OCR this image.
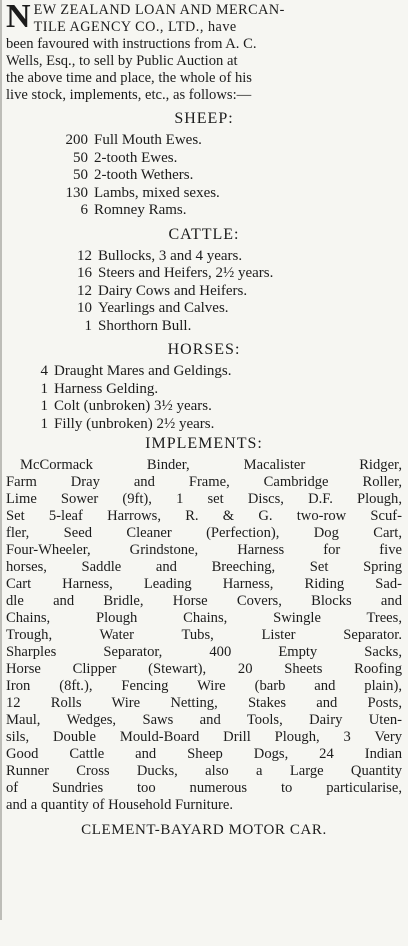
N EW ZEALAND LOAN AND MERCAN-
TILE AGENCY CO., LTD., have
been favoured with instructions from A. C.
Wells, Esq., to sell by Public Auction at
the above time and place, the whole of his
live stock, implements, etc., as follows:—

SHEEP:
200 Full Mouth Ewes.
50 2-tooth Ewes.
50 2-tooth Wethers.
130 Lambs, mixed sexes.
6 Romney Rams.
CATTLE:
12 Bullocks, 3 and 4 years.
16 Steers and Heifers, 2½ years.
12 Dairy Cows and Heifers.
10 Yearlings and Calves.
1 Shorthorn Bull.
HORSES:
4 Draught Mares and Geldings.
1 Harness Gelding.
1 Colt (unbroken) 3½ years.
1 Filly (unbroken) 2½ years.
IMPLEMENTS:
McCormack Binder, Macalister Ridger,
Farm Dray and Frame, Cambridge Roller,
Lime Sower (9ft), 1 set Discs, D.F. Plough,
Set 5-leaf Harrows, R. & G. two-row Scuf-
fler, Seed Cleaner (Perfection), Dog Cart,
Four-Wheeler, Grindstone, Harness for five
horses, Saddle and Breeching, Set Spring
Cart Harness, Leading Harness, Riding Sad-
dle and Bridle, Horse Covers, Blocks and
Chains, Plough Chains, Swingle Trees,
Trough, Water Tubs, Lister Separator.
Sharples Separator, 400 Empty Sacks,
Horse Clipper (Stewart), 20 Sheets Roofing
Iron (8ft.), Fencing Wire (barb and plain),
12 Rolls Wire Netting, Stakes and Posts,
Maul, Wedges, Saws and Tools, Dairy Uten-
sils, Double Mould-Board Drill Plough, 3 Very
Good Cattle and Sheep Dogs, 24 Indian
Runner Cross Ducks, also a Large Quantity
of Sundries too numerous to particularise,
and a quantity of Household Furniture.
CLEMENT-BAYARD MOTOR CAR.
